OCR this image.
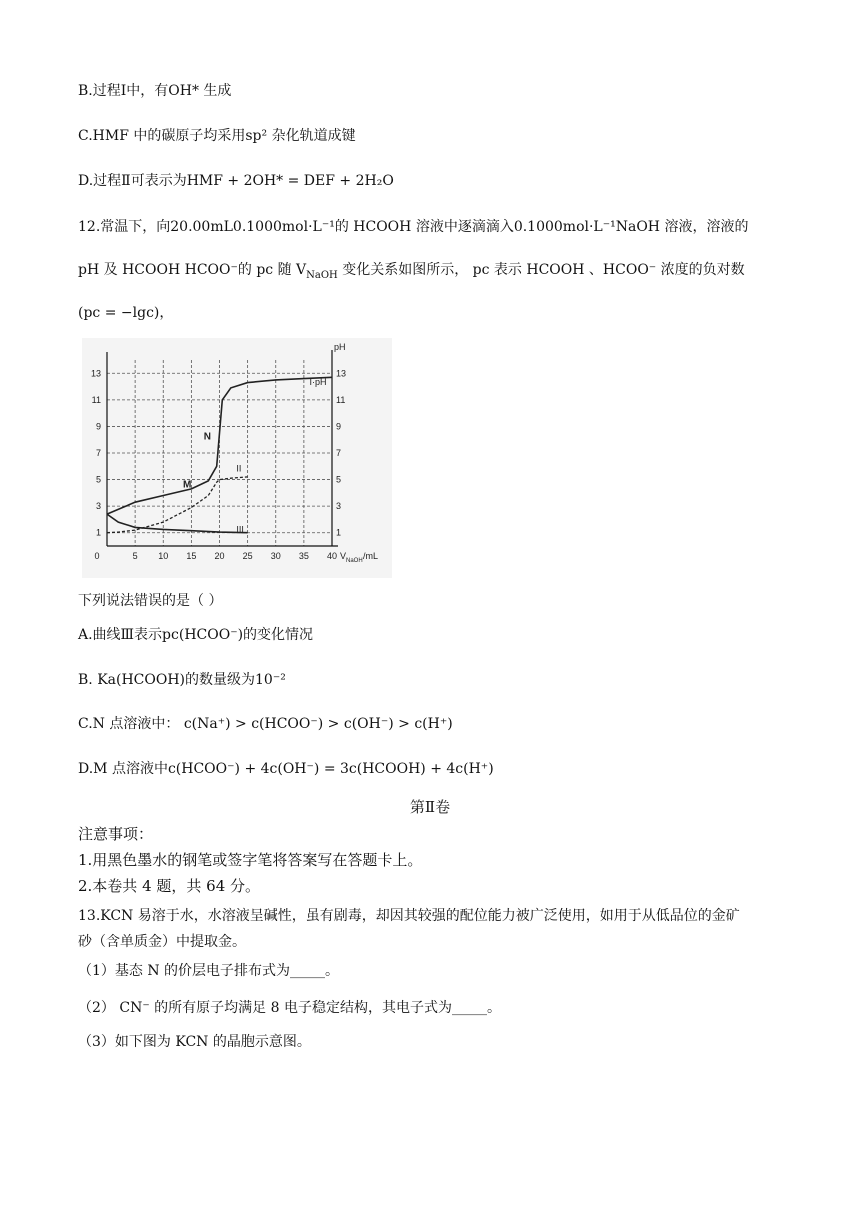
B.过程Ⅰ中，有OH* 生成
C.HMF 中的碳原子均采用sp² 杂化轨道成键
D.过程Ⅱ可表示为HMF + 2OH* = DEF + 2H₂O
12.常温下，向20.00mL0.1000mol·L⁻¹的 HCOOH 溶液中逐滴滴入0.1000mol·L⁻¹NaOH 溶液，溶液的
pH 及 HCOOH HCOO⁻的 pc 随 $V_{NaOH}$ 变化关系如图所示， pc 表示 HCOOH 、HCOO⁻ 浓度的负对数
(pc = −lgc)，
0	5 10 15 20 25 30 35 40
1	1
3	3
5	5
7	7
9	9
11	11
13	13
pH
V NaOH /mL
I·pH
II
III
N
M
下列说法错误的是（ ）
A.曲线Ⅲ表示pc(HCOO⁻)的变化情况
B. Ka(HCOOH)的数量级为10⁻²
C.N 点溶液中： c(Na⁺) > c(HCOO⁻) > c(OH⁻) > c(H⁺)
D.M 点溶液中c(HCOO⁻) + 4c(OH⁻) = 3c(HCOOH) + 4c(H⁺)
第Ⅱ卷
注意事项：
1.用黑色墨水的钢笔或签字笔将答案写在答题卡上。
2.本卷共 4 题，共 64 分。
13.KCN 易溶于水，水溶液呈碱性，虽有剧毒，却因其较强的配位能力被广泛使用，如用于从低品位的金矿
砂（含单质金）中提取金。
（1）基态 N 的价层电子排布式为_____。
（2） CN⁻ 的所有原子均满足 8 电子稳定结构，其电子式为_____。
（3）如下图为 KCN 的晶胞示意图。
